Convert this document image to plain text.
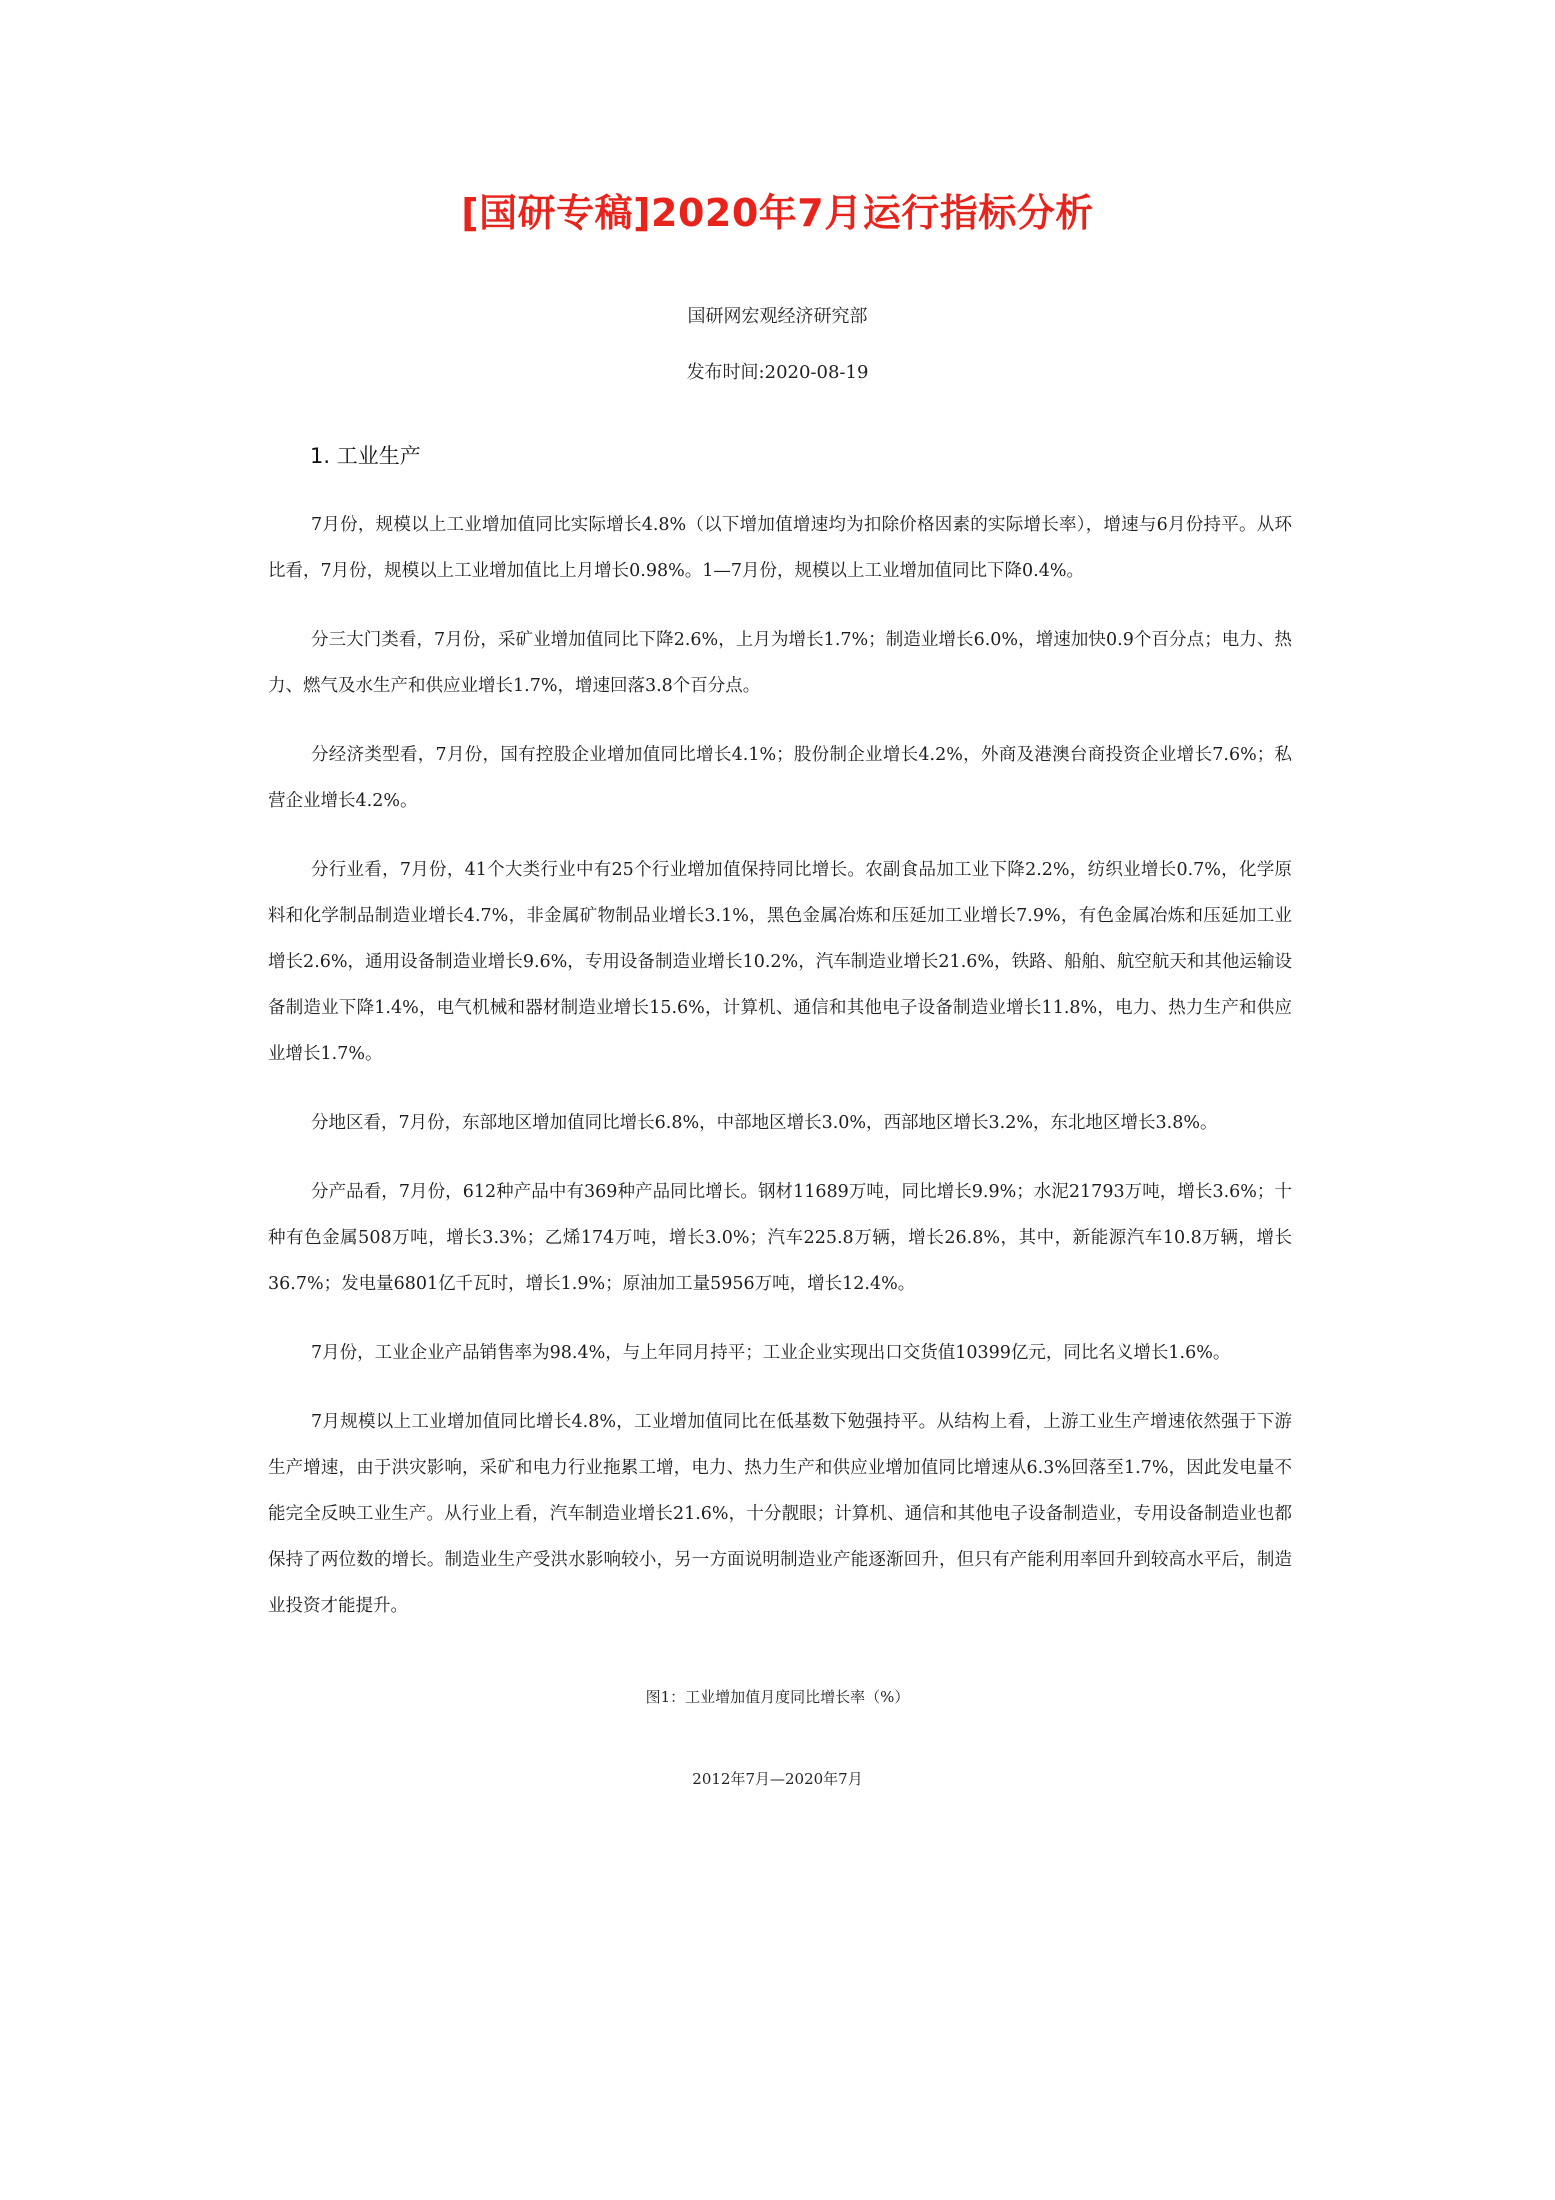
[国研专稿]2020年7月运行指标分析

国研网宏观经济研究部

发布时间:2020-08-19

1. 工业生产

7月份，规模以上工业增加值同比实际增长4.8%（以下增加值增速均为扣除价格因素的实际增长率），增速与6月份持平。从环比看，7月份，规模以上工业增加值比上月增长0.98%。1—7月份，规模以上工业增加值同比下降0.4%。

分三大门类看，7月份，采矿业增加值同比下降2.6%，上月为增长1.7%；制造业增长6.0%，增速加快0.9个百分点；电力、热力、燃气及水生产和供应业增长1.7%，增速回落3.8个百分点。

分经济类型看，7月份，国有控股企业增加值同比增长4.1%；股份制企业增长4.2%，外商及港澳台商投资企业增长7.6%；私营企业增长4.2%。

分行业看，7月份，41个大类行业中有25个行业增加值保持同比增长。农副食品加工业下降2.2%，纺织业增长0.7%，化学原料和化学制品制造业增长4.7%，非金属矿物制品业增长3.1%，黑色金属冶炼和压延加工业增长7.9%，有色金属冶炼和压延加工业增长2.6%，通用设备制造业增长9.6%，专用设备制造业增长10.2%，汽车制造业增长21.6%，铁路、船舶、航空航天和其他运输设备制造业下降1.4%，电气机械和器材制造业增长15.6%，计算机、通信和其他电子设备制造业增长11.8%，电力、热力生产和供应业增长1.7%。

分地区看，7月份，东部地区增加值同比增长6.8%，中部地区增长3.0%，西部地区增长3.2%，东北地区增长3.8%。

分产品看，7月份，612种产品中有369种产品同比增长。钢材11689万吨，同比增长9.9%；水泥21793万吨，增长3.6%；十种有色金属508万吨，增长3.3%；乙烯174万吨，增长3.0%；汽车225.8万辆，增长26.8%，其中，新能源汽车10.8万辆，增长36.7%；发电量6801亿千瓦时，增长1.9%；原油加工量5956万吨，增长12.4%。

7月份，工业企业产品销售率为98.4%，与上年同月持平；工业企业实现出口交货值10399亿元，同比名义增长1.6%。

7月规模以上工业增加值同比增长4.8%，工业增加值同比在低基数下勉强持平。从结构上看，上游工业生产增速依然强于下游生产增速，由于洪灾影响，采矿和电力行业拖累工增，电力、热力生产和供应业增加值同比增速从6.3%回落至1.7%，因此发电量不能完全反映工业生产。从行业上看，汽车制造业增长21.6%，十分靓眼；计算机、通信和其他电子设备制造业，专用设备制造业也都保持了两位数的增长。制造业生产受洪水影响较小，另一方面说明制造业产能逐渐回升，但只有产能利用率回升到较高水平后，制造业投资才能提升。

图1：工业增加值月度同比增长率（%）

2012年7月—2020年7月
